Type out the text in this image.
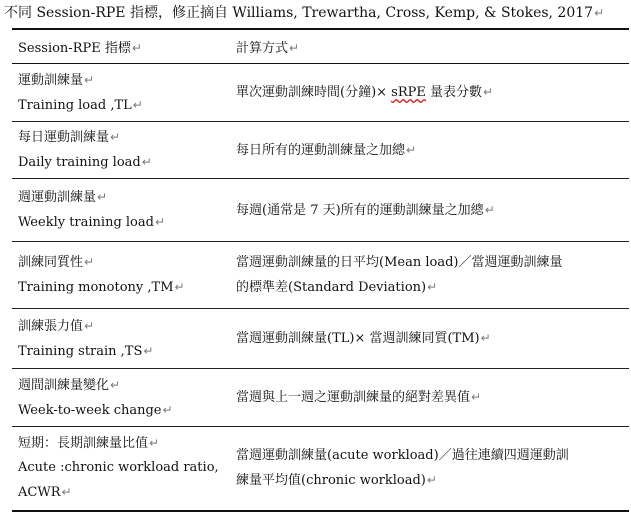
不同 Session-RPE 指標，修正摘自 Williams, Trewartha, Cross, Kemp, & Stokes, 2017↵
Session-RPE 指標↵	計算方式↵

運動訓練量↵
Training load ,TL↵	單次運動訓練時間(分鐘)× sRPE 量表分數↵

每日運動訓練量↵
Daily training load↵	每日所有的運動訓練量之加總↵

週運動訓練量↵
Weekly training load↵	每週(通常是 7 天)所有的運動訓練量之加總↵

訓練同質性↵
Training monotony ,TM↵	當週運動訓練量的日平均(Mean load)／當週運動訓練量
的標準差(Standard Deviation)↵

訓練張力值↵
Training strain ,TS↵	當週運動訓練量(TL)× 當週訓練同質(TM)↵

週間訓練量變化↵
Week-to-week change↵	當週與上一週之運動訓練量的絕對差異值↵

短期：長期訓練量比值↵
Acute :chronic workload ratio,
ACWR↵	當週運動訓練量(acute workload)／過往連續四週運動訓
練量平均值(chronic workload)↵
